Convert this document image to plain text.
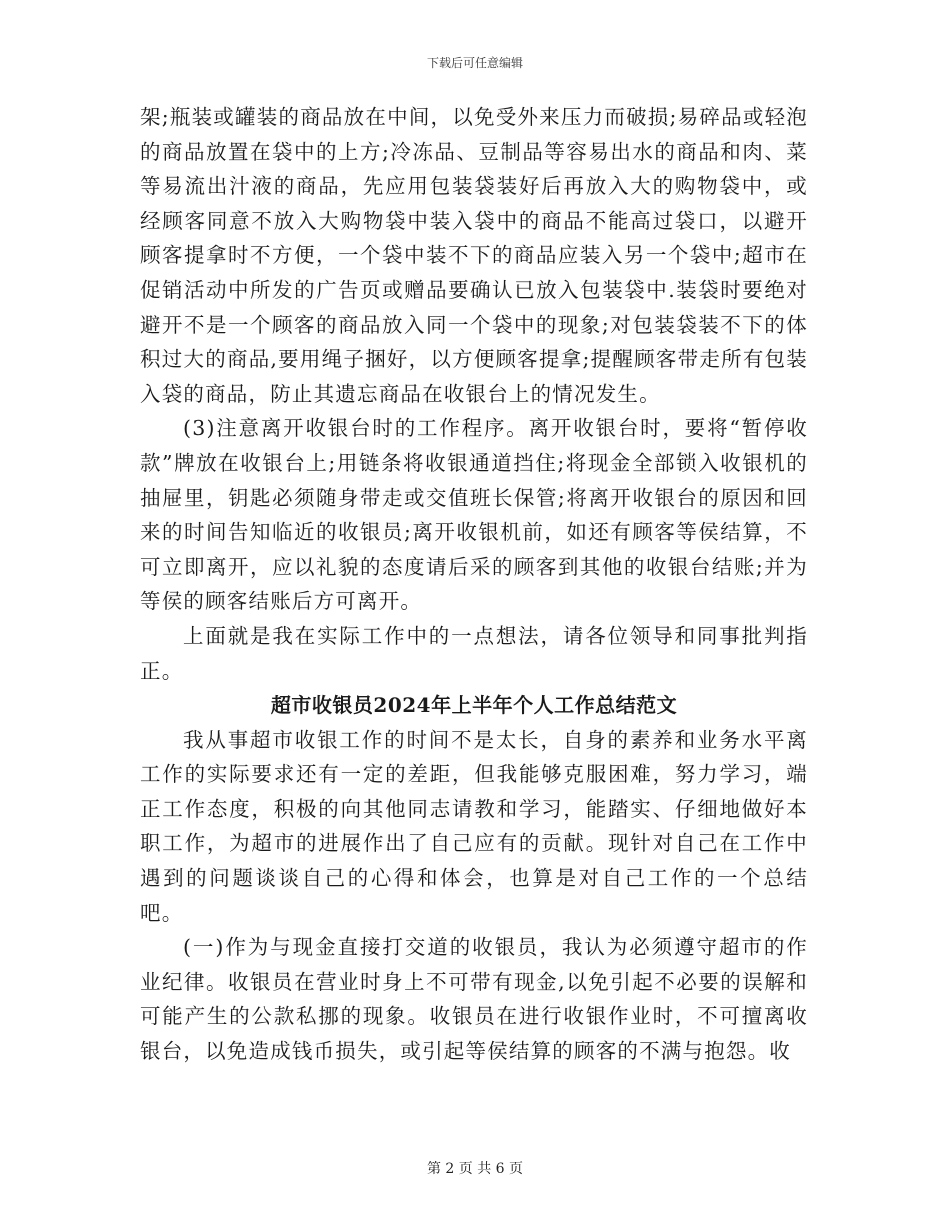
下载后可任意编辑

架;瓶装或罐装的商品放在中间，以免受外来压力而破损;易碎品或轻泡的商品放置在袋中的上方;冷冻品、豆制品等容易出水的商品和肉、菜等易流出汁液的商品，先应用包装袋装好后再放入大的购物袋中，或经顾客同意不放入大购物袋中装入袋中的商品不能高过袋口，以避开顾客提拿时不方便，一个袋中装不下的商品应装入另一个袋中;超市在促销活动中所发的广告页或赠品要确认已放入包装袋中.装袋时要绝对避开不是一个顾客的商品放入同一个袋中的现象;对包装袋装不下的体积过大的商品,要用绳子捆好，以方便顾客提拿;提醒顾客带走所有包装入袋的商品，防止其遗忘商品在收银台上的情况发生。

(3)注意离开收银台时的工作程序。离开收银台时，要将“暂停收款”牌放在收银台上;用链条将收银通道挡住;将现金全部锁入收银机的抽屉里，钥匙必须随身带走或交值班长保管;将离开收银台的原因和回来的时间告知临近的收银员;离开收银机前，如还有顾客等侯结算，不可立即离开，应以礼貌的态度请后采的顾客到其他的收银台结账;并为等侯的顾客结账后方可离开。

上面就是我在实际工作中的一点想法，请各位领导和同事批判指正。

超市收银员2024年上半年个人工作总结范文

我从事超市收银工作的时间不是太长，自身的素养和业务水平离工作的实际要求还有一定的差距，但我能够克服困难，努力学习，端正工作态度，积极的向其他同志请教和学习，能踏实、仔细地做好本职工作，为超市的进展作出了自己应有的贡献。现针对自己在工作中遇到的问题谈谈自己的心得和体会，也算是对自己工作的一个总结吧。

(一)作为与现金直接打交道的收银员，我认为必须遵守超市的作业纪律。收银员在营业时身上不可带有现金,以免引起不必要的误解和可能产生的公款私挪的现象。收银员在进行收银作业时，不可擅离收银台，以免造成钱币损失，或引起等侯结算的顾客的不满与抱怨。收

第 2 页 共 6 页
